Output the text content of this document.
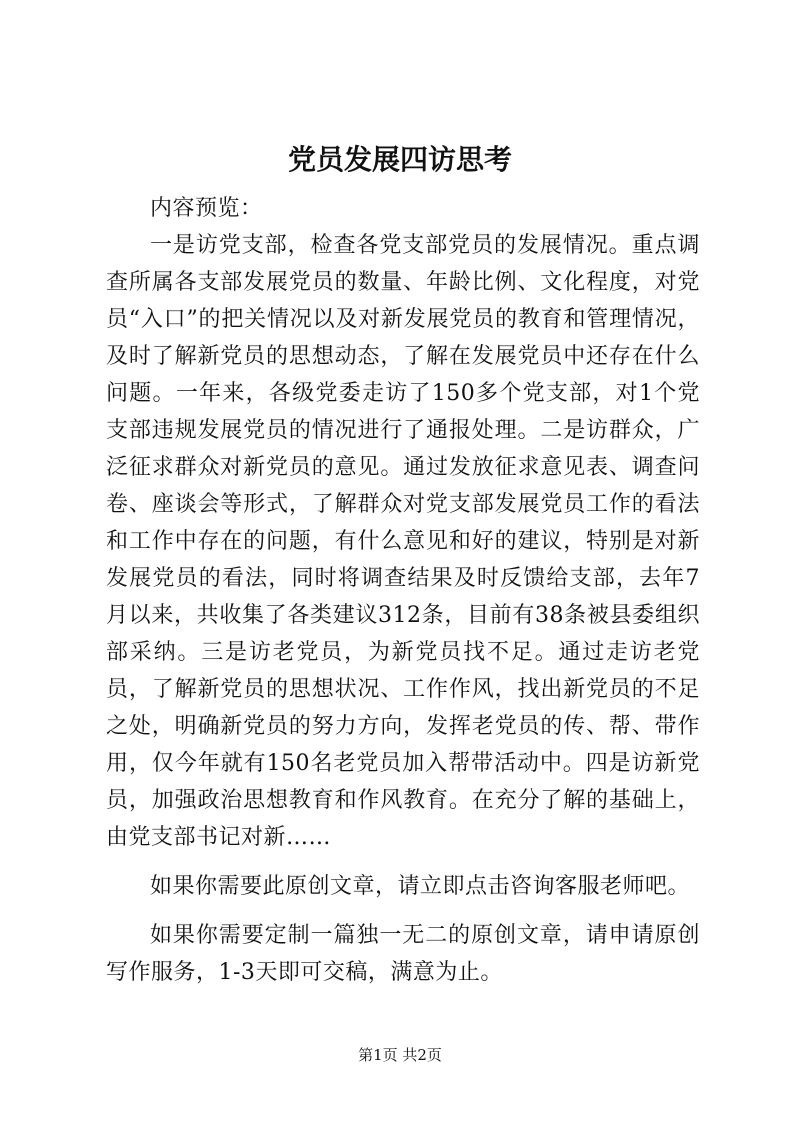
党员发展四访思考

内容预览：

一是访党支部，检查各党支部党员的发展情况。重点调查所属各支部发展党员的数量、年龄比例、文化程度，对党员“入口”的把关情况以及对新发展党员的教育和管理情况，及时了解新党员的思想动态，了解在发展党员中还存在什么问题。一年来，各级党委走访了150多个党支部，对1个党支部违规发展党员的情况进行了通报处理。二是访群众，广泛征求群众对新党员的意见。通过发放征求意见表、调查问卷、座谈会等形式，了解群众对党支部发展党员工作的看法和工作中存在的问题，有什么意见和好的建议，特别是对新发展党员的看法，同时将调查结果及时反馈给支部，去年7月以来，共收集了各类建议312条，目前有38条被县委组织部采纳。三是访老党员，为新党员找不足。通过走访老党员，了解新党员的思想状况、工作作风，找出新党员的不足之处，明确新党员的努力方向，发挥老党员的传、帮、带作用，仅今年就有150名老党员加入帮带活动中。四是访新党员，加强政治思想教育和作风教育。在充分了解的基础上，由党支部书记对新……

如果你需要此原创文章，请立即点击咨询客服老师吧。

如果你需要定制一篇独一无二的原创文章，请申请原创写作服务，1-3天即可交稿，满意为止。

第1页 共2页
